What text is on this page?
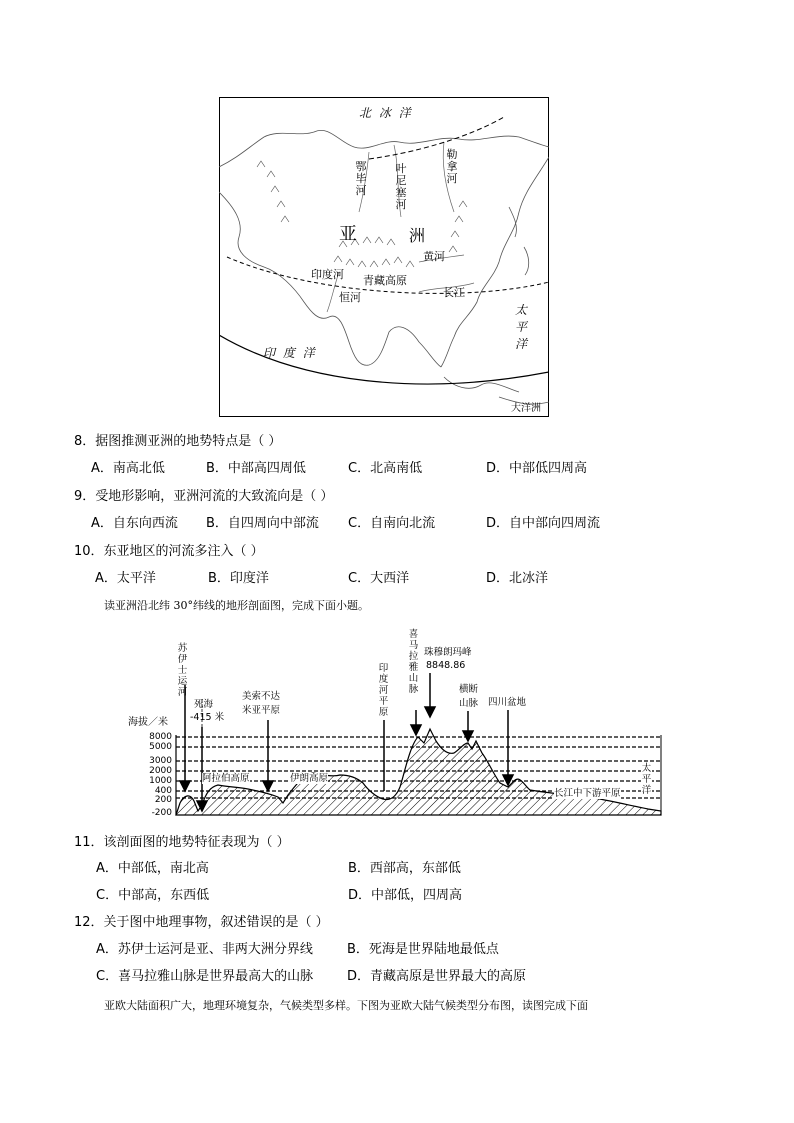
北 冰 洋
鄂毕河
叶尼塞河
勒拿河
亚	洲
黄河
印度河 青藏高原
恒河	长江
太平洋
印 度 洋
大洋洲
8．据图推测亚洲的地势特点是（ ）
A．南高北低	B．中部高四周低	C．北高南低	D．中部低四周高
9．受地形影响，亚洲河流的大致流向是（ ）
A．自东向西流 B．自四周向中部流 C．自南向北流	D．自中部向四周流
10．东亚地区的河流多注入（ ）
A．太平洋	B．印度洋	C．大西洋	D．北冰洋
读亚洲沿北纬 30°纬线的地形剖面图，完成下面小题。
苏伊士运河
死海
-415 米
美索不达
米亚平原
印度河平原
喜马拉雅山脉
珠穆朗玛峰
8848.86
横断山脉	四川盆地
海拔／米
8000
5000
3000
2000
1000
400
200
-200
阿拉伯高原	伊朗高原
太平洋
长江中下游平原
11．该剖面图的地势特征表现为（ ）
A．中部低，南北高	B．西部高，东部低
C．中部高，东西低	D．中部低，四周高
12．关于图中地理事物，叙述错误的是（ ）
A．苏伊士运河是亚、非两大洲分界线	B．死海是世界陆地最低点
C．喜马拉雅山脉是世界最高大的山脉	D．青藏高原是世界最大的高原
亚欧大陆面积广大，地理环境复杂，气候类型多样。下图为亚欧大陆气候类型分布图，读图完成下面
